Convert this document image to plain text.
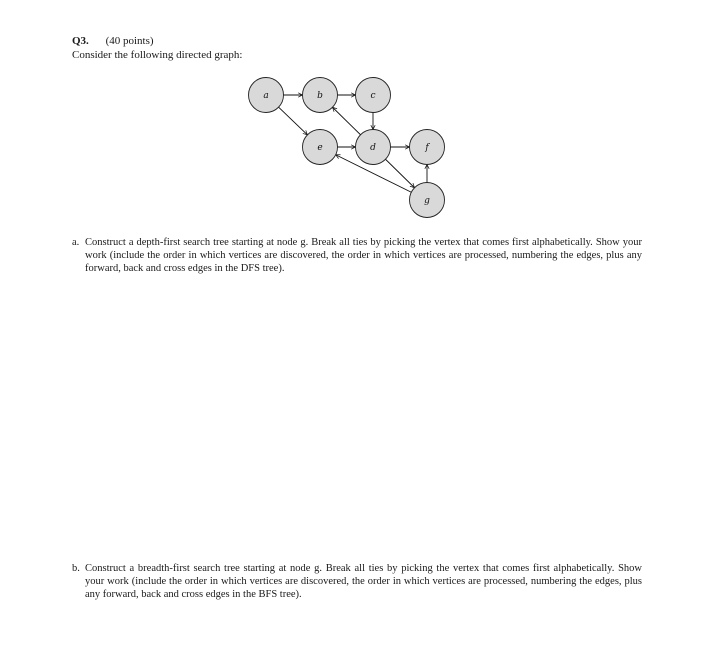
Q3. (40 points)
Consider the following directed graph:
a	b	c
e	d	f
g
a. Construct a depth-first search tree starting at node g. Break all ties by picking the vertex that comes first alphabetically. Show your work (include the order in which vertices are discovered, the order in which vertices are processed, numbering the edges, plus any forward, back and cross edges in the DFS tree).
b. Construct a breadth-first search tree starting at node g. Break all ties by picking the vertex that comes first alphabetically. Show your work (include the order in which vertices are discovered, the order in which vertices are processed, numbering the edges, plus any forward, back and cross edges in the BFS tree).
